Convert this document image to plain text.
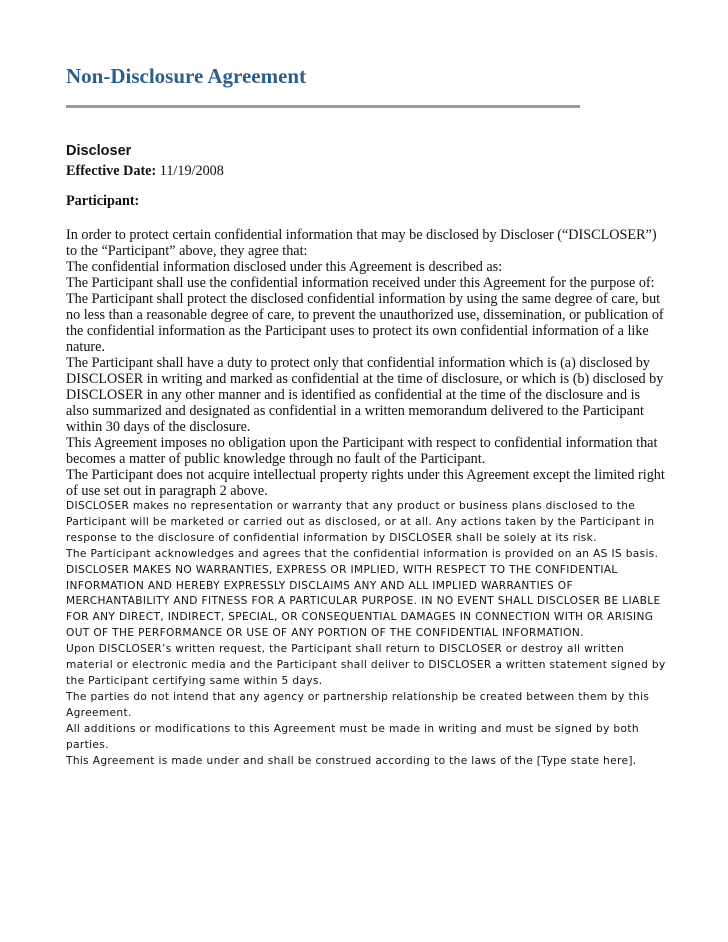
Non-Disclosure Agreement
Discloser
Effective Date: 11/19/2008
Participant:

In order to protect certain confidential information that may be disclosed by Discloser (“DISCLOSER”) to the “Participant” above, they agree that:

The confidential information disclosed under this Agreement is described as:

The Participant shall use the confidential information received under this Agreement for the purpose of:

The Participant shall protect the disclosed confidential information by using the same degree of care, but no less than a reasonable degree of care, to prevent the unauthorized use, dissemination, or publication of the confidential information as the Participant uses to protect its own confidential information of a like nature.

The Participant shall have a duty to protect only that confidential information which is (a) disclosed by DISCLOSER in writing and marked as confidential at the time of disclosure, or which is (b) disclosed by DISCLOSER in any other manner and is identified as confidential at the time of the disclosure and is also summarized and designated as confidential in a written memorandum delivered to the Participant within 30 days of the disclosure.

This Agreement imposes no obligation upon the Participant with respect to confidential information that becomes a matter of public knowledge through no fault of the Participant.

The Participant does not acquire intellectual property rights under this Agreement except the limited right of use set out in paragraph 2 above.

DISCLOSER makes no representation or warranty that any product or business plans disclosed to the Participant will be marketed or carried out as disclosed, or at all. Any actions taken by the Participant in response to the disclosure of confidential information by DISCLOSER shall be solely at its risk.

The Participant acknowledges and agrees that the confidential information is provided on an AS IS basis.

DISCLOSER MAKES NO WARRANTIES, EXPRESS OR IMPLIED, WITH RESPECT TO THE CONFIDENTIAL INFORMATION AND HEREBY EXPRESSLY DISCLAIMS ANY AND ALL IMPLIED WARRANTIES OF MERCHANTABILITY AND FITNESS FOR A PARTICULAR PURPOSE. IN NO EVENT SHALL DISCLOSER BE LIABLE FOR ANY DIRECT, INDIRECT, SPECIAL, OR CONSEQUENTIAL DAMAGES IN CONNECTION WITH OR ARISING OUT OF THE PERFORMANCE OR USE OF ANY PORTION OF THE CONFIDENTIAL INFORMATION.

Upon DISCLOSER’s written request, the Participant shall return to DISCLOSER or destroy all written material or electronic media and the Participant shall deliver to DISCLOSER a written statement signed by the Participant certifying same within 5 days.

The parties do not intend that any agency or partnership relationship be created between them by this Agreement.

All additions or modifications to this Agreement must be made in writing and must be signed by both parties.

This Agreement is made under and shall be construed according to the laws of the [Type state here].
